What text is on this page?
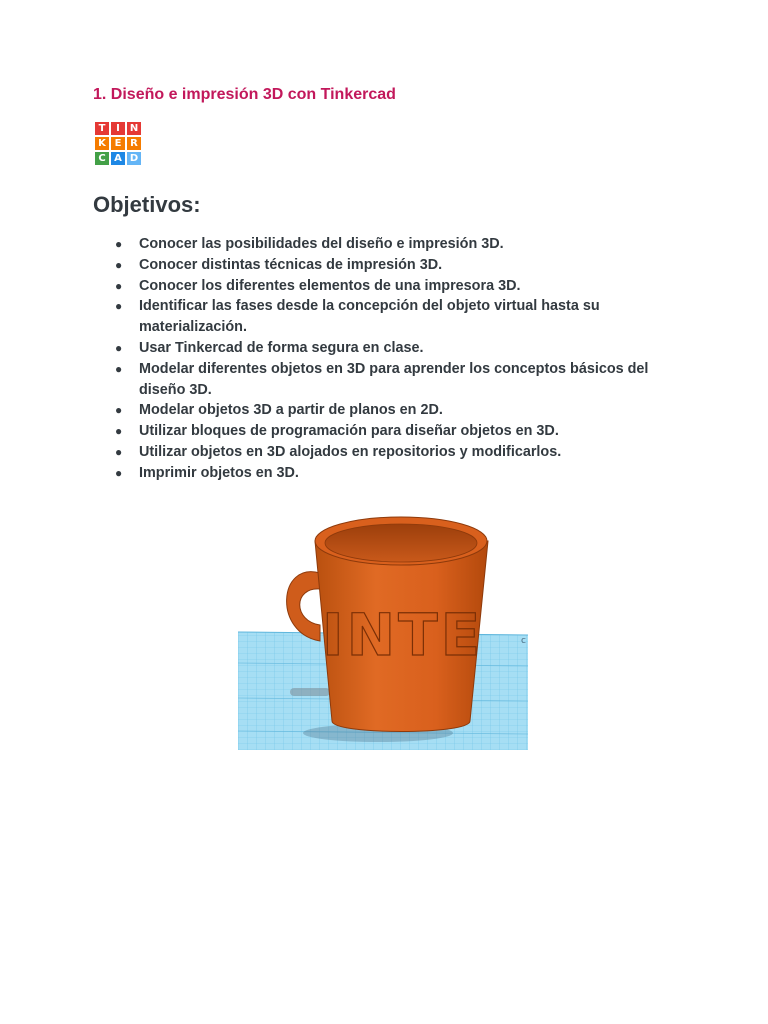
1. Diseño e impresión 3D con Tinkercad
T	I N
K E R
C A D
Objetivos:
● Conocer las posibilidades del diseño e impresión 3D.
● Conocer distintas técnicas de impresión 3D.
● Conocer los diferentes elementos de una impresora 3D.
● Identificar las fases desde la concepción del objeto virtual hasta su materialización.
● Usar Tinkercad de forma segura en clase.
● Modelar diferentes objetos en 3D para aprender los conceptos básicos del diseño 3D.
● Modelar objetos 3D a partir de planos en 2D.
● Utilizar bloques de programación para diseñar objetos en 3D.
● Utilizar objetos en 3D alojados en repositorios y modificarlos.
● Imprimir objetos en 3D.
INTE	c
